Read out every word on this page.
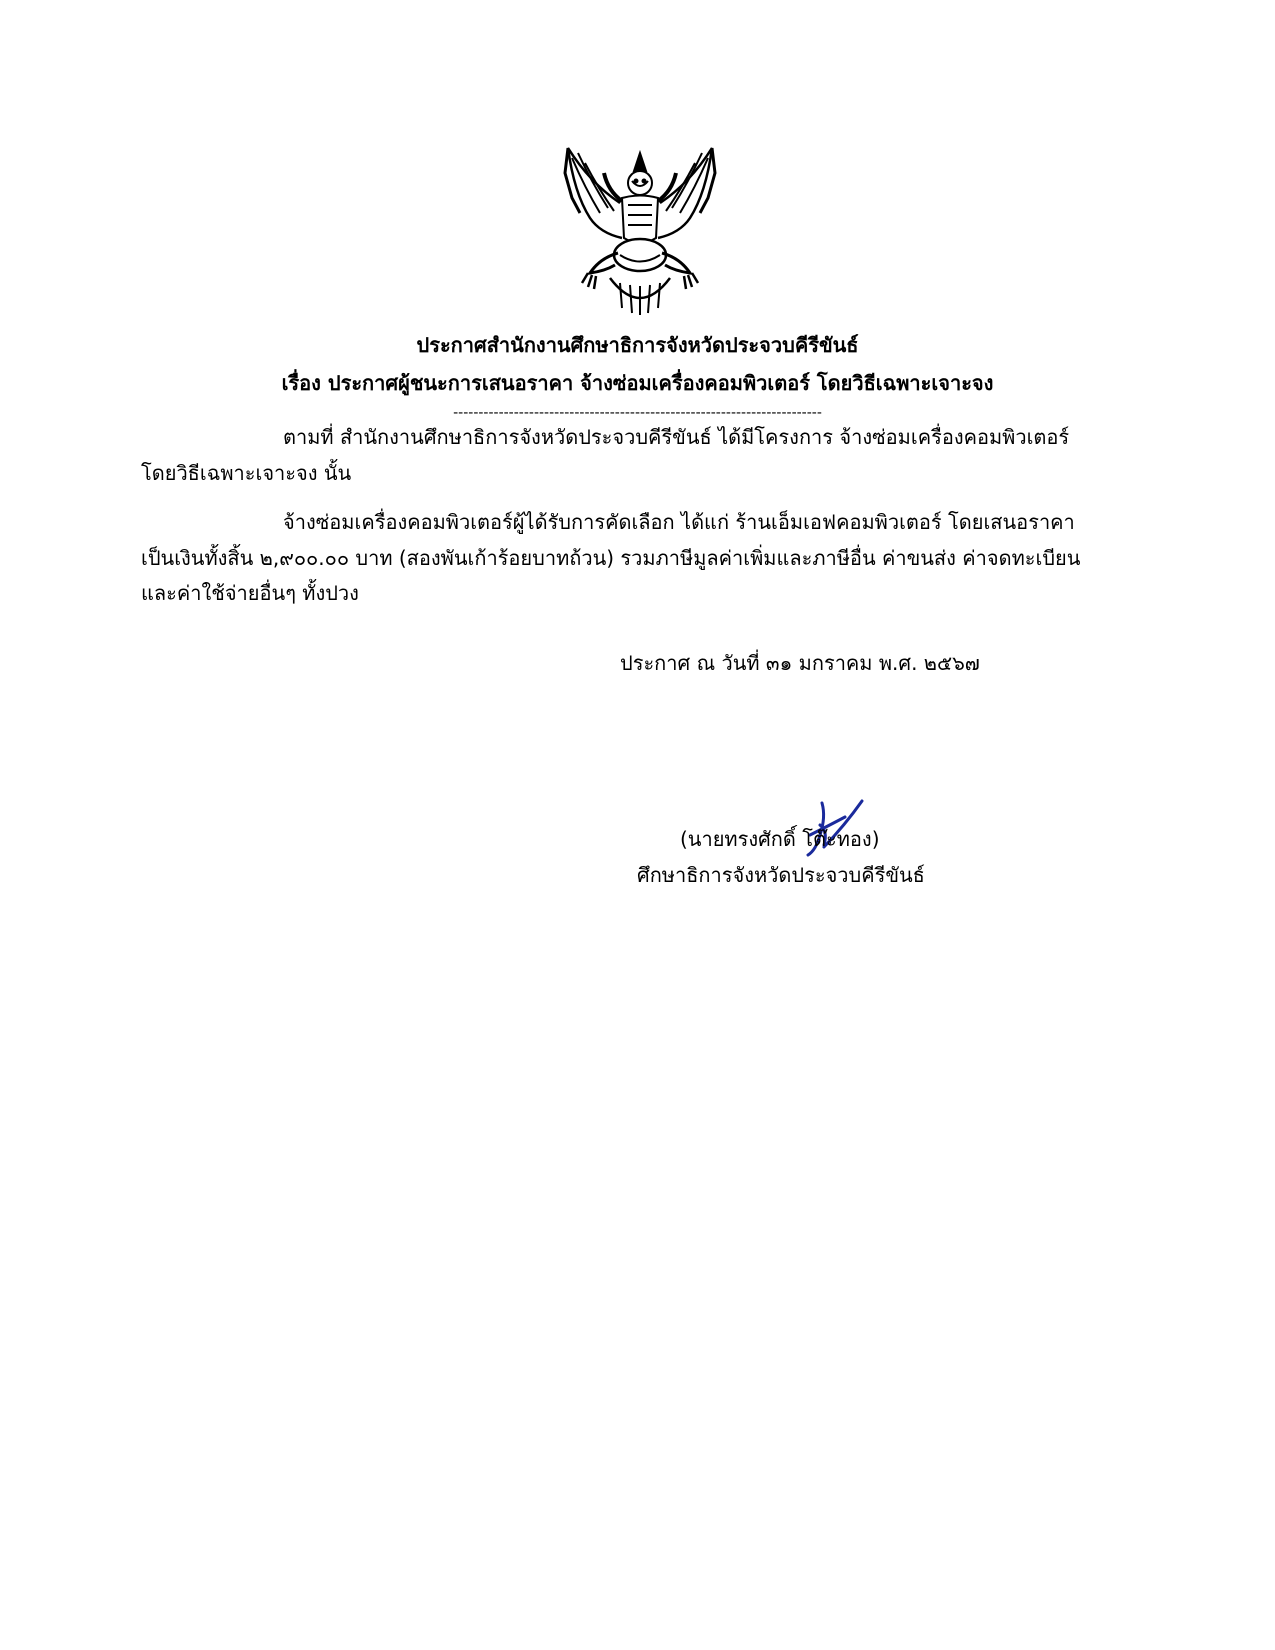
ประกาศสำนักงานศึกษาธิการจังหวัดประจวบคีรีขันธ์
เรื่อง ประกาศผู้ชนะการเสนอราคา จ้างซ่อมเครื่องคอมพิวเตอร์ โดยวิธีเฉพาะเจาะจง
-------------------------------------------------------------------------
ตามที่ สำนักงานศึกษาธิการจังหวัดประจวบคีรีขันธ์ ได้มีโครงการ จ้างซ่อมเครื่องคอมพิวเตอร์
โดยวิธีเฉพาะเจาะจง นั้น
จ้างซ่อมเครื่องคอมพิวเตอร์ผู้ได้รับการคัดเลือก ได้แก่ ร้านเอ็มเอฟคอมพิวเตอร์ โดยเสนอราคา
เป็นเงินทั้งสิ้น ๒,๙๐๐.๐๐ บาท (สองพันเก้าร้อยบาทถ้วน) รวมภาษีมูลค่าเพิ่มและภาษีอื่น ค่าขนส่ง ค่าจดทะเบียน
และค่าใช้จ่ายอื่นๆ ทั้งปวง
ประกาศ ณ วันที่ ๓๑ มกราคม พ.ศ. ๒๕๖๗
(นายทรงศักดิ์ โต๊ะทอง)
ศึกษาธิการจังหวัดประจวบคีรีขันธ์
